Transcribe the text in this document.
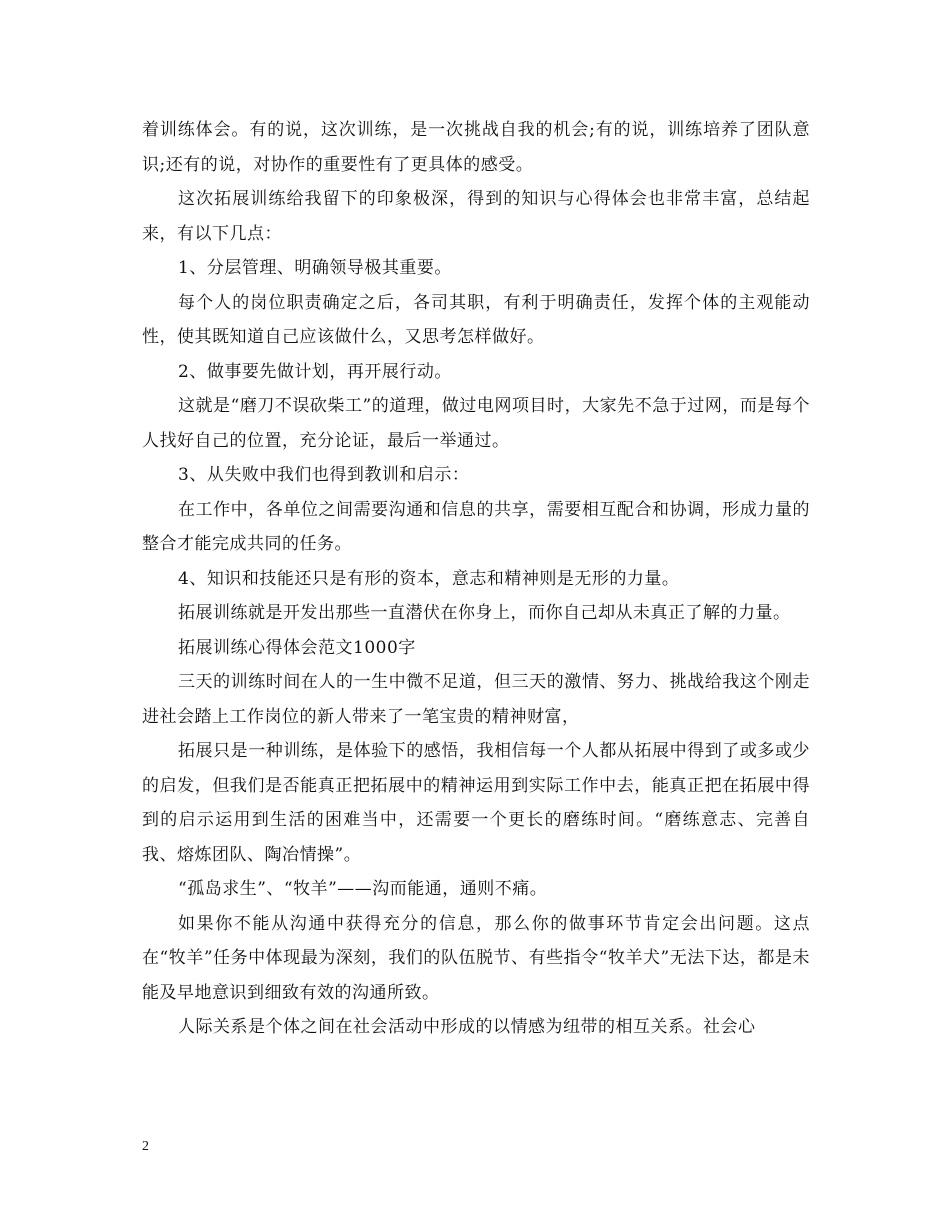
着训练体会。有的说，这次训练，是一次挑战自我的机会;有的说，训练培养了团队意识;还有的说，对协作的重要性有了更具体的感受。

这次拓展训练给我留下的印象极深，得到的知识与心得体会也非常丰富，总结起来，有以下几点：

1、分层管理、明确领导极其重要。

每个人的岗位职责确定之后，各司其职，有利于明确责任，发挥个体的主观能动性，使其既知道自己应该做什么，又思考怎样做好。

2、做事要先做计划，再开展行动。

这就是“磨刀不误砍柴工”的道理，做过电网项目时，大家先不急于过网，而是每个人找好自己的位置，充分论证，最后一举通过。

3、从失败中我们也得到教训和启示：

在工作中，各单位之间需要沟通和信息的共享，需要相互配合和协调，形成力量的整合才能完成共同的任务。

4、知识和技能还只是有形的资本，意志和精神则是无形的力量。

拓展训练就是开发出那些一直潜伏在你身上，而你自己却从未真正了解的力量。

拓展训练心得体会范文1000字

三天的训练时间在人的一生中微不足道，但三天的激情、努力、挑战给我这个刚走进社会踏上工作岗位的新人带来了一笔宝贵的精神财富，

拓展只是一种训练，是体验下的感悟，我相信每一个人都从拓展中得到了或多或少的启发，但我们是否能真正把拓展中的精神运用到实际工作中去，能真正把在拓展中得到的启示运用到生活的困难当中，还需要一个更长的磨练时间。“磨练意志、完善自我、熔炼团队、陶冶情操”。

“孤岛求生”、“牧羊”——沟而能通，通则不痛。

如果你不能从沟通中获得充分的信息，那么你的做事环节肯定会出问题。这点在“牧羊”任务中体现最为深刻，我们的队伍脱节、有些指令“牧羊犬”无法下达，都是未能及早地意识到细致有效的沟通所致。

人际关系是个体之间在社会活动中形成的以情感为纽带的相互关系。社会心

2
